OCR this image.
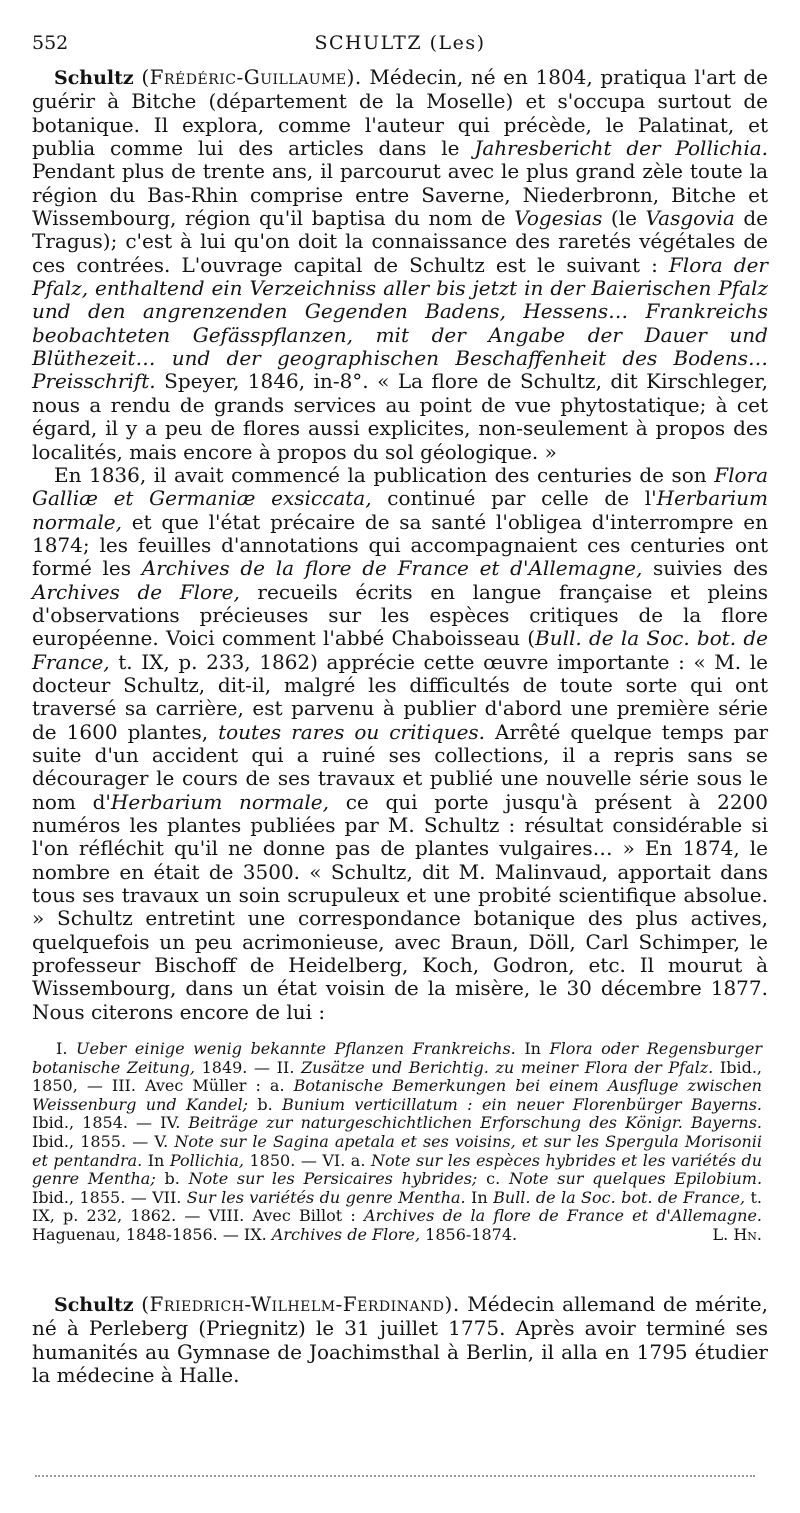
552	SCHULTZ (Les)

Schultz (Frédéric-Guillaume). Médecin, né en 1804, pratiqua l'art de guérir à Bitche (département de la Moselle) et s'occupa surtout de botanique. Il explora, comme l'auteur qui précède, le Palatinat, et publia comme lui des articles dans le Jahresbericht der Pollichia. Pendant plus de trente ans, il parcourut avec le plus grand zèle toute la région du Bas-Rhin comprise entre Saverne, Niederbronn, Bitche et Wissembourg, région qu'il baptisa du nom de Vogesias (le Vasgovia de Tragus); c'est à lui qu'on doit la connaissance des raretés végétales de ces contrées. L'ouvrage capital de Schultz est le suivant : Flora der Pfalz, enthaltend ein Verzeichniss aller bis jetzt in der Baierischen Pfalz und den angrenzenden Gegenden Badens, Hessens… Frankreichs beobachteten Gefässpflanzen, mit der Angabe der Dauer und Blüthezeit… und der geographischen Beschaffenheit des Bodens… Preisschrift. Speyer, 1846, in-8°. « La flore de Schultz, dit Kirschleger, nous a rendu de grands services au point de vue phytostatique; à cet égard, il y a peu de flores aussi explicites, non-seulement à propos des localités, mais encore à propos du sol géologique. »

En 1836, il avait commencé la publication des centuries de son Flora Galliæ et Germaniæ exsiccata, continué par celle de l'Herbarium normale, et que l'état précaire de sa santé l'obligea d'interrompre en 1874; les feuilles d'annotations qui accompagnaient ces centuries ont formé les Archives de la flore de France et d'Allemagne, suivies des Archives de Flore, recueils écrits en langue française et pleins d'observations précieuses sur les espèces critiques de la flore européenne. Voici comment l'abbé Chaboisseau (Bull. de la Soc. bot. de France, t. IX, p. 233, 1862) apprécie cette œuvre importante : « M. le docteur Schultz, dit-il, malgré les difficultés de toute sorte qui ont traversé sa carrière, est parvenu à publier d'abord une première série de 1600 plantes, toutes rares ou critiques. Arrêté quelque temps par suite d'un accident qui a ruiné ses collections, il a repris sans se décourager le cours de ses travaux et publié une nouvelle série sous le nom d'Herbarium normale, ce qui porte jusqu'à présent à 2200 numéros les plantes publiées par M. Schultz : résultat considérable si l'on réfléchit qu'il ne donne pas de plantes vulgaires… » En 1874, le nombre en était de 3500. « Schultz, dit M. Malinvaud, apportait dans tous ses travaux un soin scrupuleux et une probité scientifique absolue. » Schultz entretint une correspondance botanique des plus actives, quelquefois un peu acrimonieuse, avec Braun, Döll, Carl Schimper, le professeur Bischoff de Heidelberg, Koch, Godron, etc. Il mourut à Wissembourg, dans un état voisin de la misère, le 30 décembre 1877. Nous citerons encore de lui :

I. Ueber einige wenig bekannte Pflanzen Frankreichs. In Flora oder Regensburger botanische Zeitung, 1849. — II. Zusätze und Berichtig. zu meiner Flora der Pfalz. Ibid., 1850, — III. Avec Müller : a. Botanische Bemerkungen bei einem Ausfluge zwischen Weissenburg und Kandel; b. Bunium verticillatum : ein neuer Florenbürger Bayerns. Ibid., 1854. — IV. Beiträge zur naturgeschichtlichen Erforschung des Königr. Bayerns. Ibid., 1855. — V. Note sur le Sagina apetala et ses voisins, et sur les Spergula Morisonii et pentandra. In Pollichia, 1850. — VI. a. Note sur les espèces hybrides et les variétés du genre Mentha; b. Note sur les Persicaires hybrides; c. Note sur quelques Epilobium. Ibid., 1855. — VII. Sur les variétés du genre Mentha. In Bull. de la Soc. bot. de France, t. IX, p. 232, 1862. — VIII. Avec Billot : Archives de la flore de France et d'Allemagne. Haguenau, 1848-1856. — IX. Archives de Flore, 1856-1874.	L. Hn.

Schultz (Friedrich-Wilhelm-Ferdinand). Médecin allemand de mérite, né à Perleberg (Priegnitz) le 31 juillet 1775. Après avoir terminé ses humanités au Gymnase de Joachimsthal à Berlin, il alla en 1795 étudier la médecine à Halle.
